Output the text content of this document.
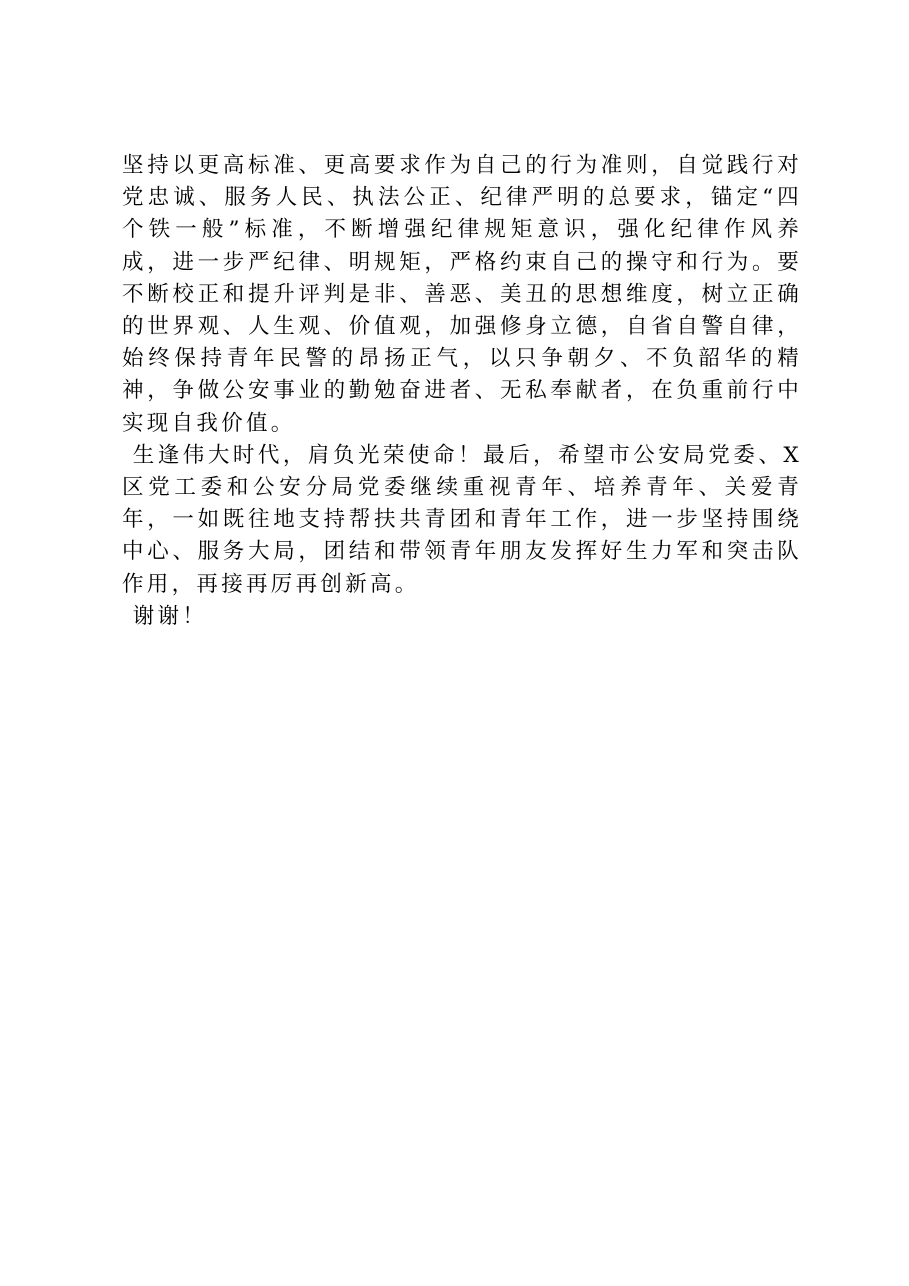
坚持以更高标准、更高要求作为自己的行为准则，自觉践行对党忠诚、服务人民、执法公正、纪律严明的总要求，锚定“四个铁一般”标准，不断增强纪律规矩意识，强化纪律作风养成，进一步严纪律、明规矩，严格约束自己的操守和行为。要不断校正和提升评判是非、善恶、美丑的思想维度，树立正确的世界观、人生观、价值观，加强修身立德，自省自警自律，始终保持青年民警的昂扬正气，以只争朝夕、不负韶华的精神，争做公安事业的勤勉奋进者、无私奉献者，在负重前行中实现自我价值。

生逢伟大时代，肩负光荣使命！最后，希望市公安局党委、X区党工委和公安分局党委继续重视青年、培养青年、关爱青年，一如既往地支持帮扶共青团和青年工作，进一步坚持围绕中心、服务大局，团结和带领青年朋友发挥好生力军和突击队作用，再接再厉再创新高。

谢谢！
